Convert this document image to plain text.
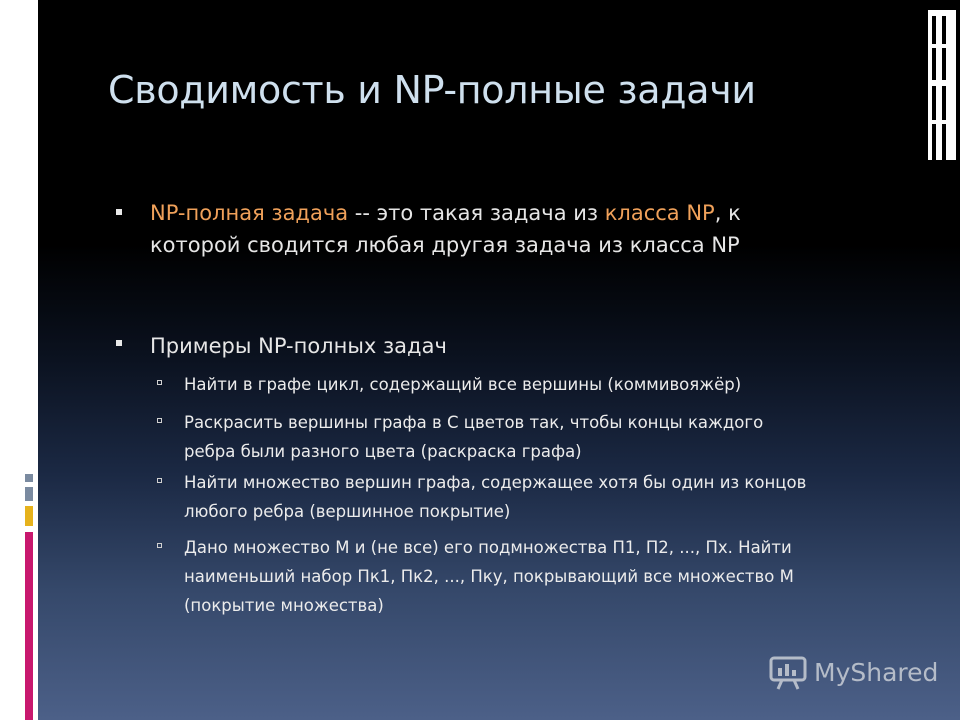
Сводимость и NP-полные задачи
NP-полная задача -- это такая задача из класса NP, к
которой сводится любая другая задача из класса NP
Примеры NP-полных задач
Найти в графе цикл, содержащий все вершины (коммивояжёр)
Раскрасить вершины графа в С цветов так, чтобы концы каждого
ребра были разного цвета (раскраска графа)
Найти множество вершин графа, содержащее хотя бы один из концов
любого ребра (вершинное покрытие)
Дано множество M и (не все) его подмножества П1, П2, ..., Пх. Найти
наименьший набор Пк1, Пк2, ..., Пку, покрывающий все множество М
(покрытие множества)
MyShared
